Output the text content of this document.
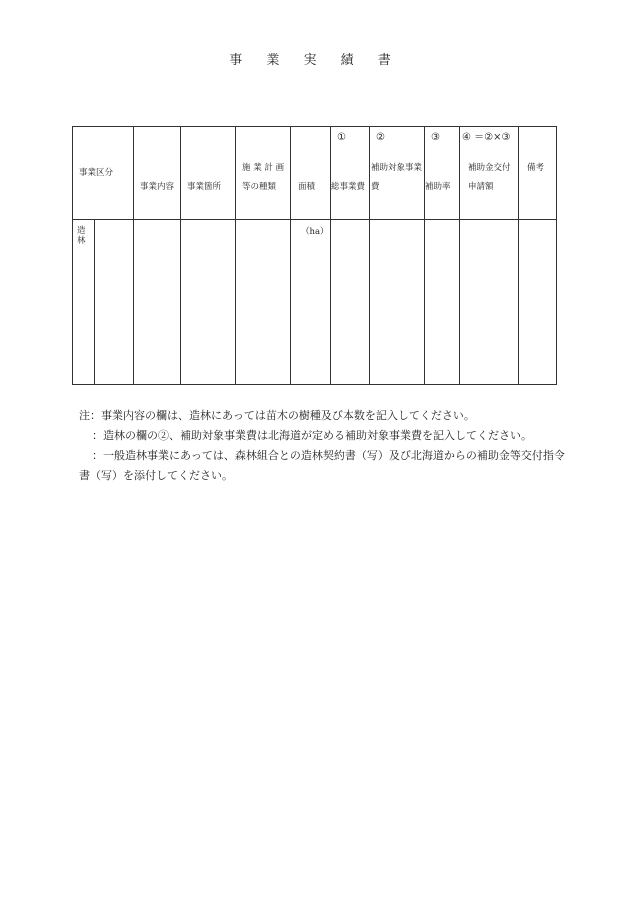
事 業 実 績 書
事業区分
事業内容 事業箇所
施 業 計 画
等の種類	面積
①
総事業費
②
補助対象事業
費
③
補助率
④ ＝②×③
補助金交付
申請額
備考
造
林
（ha）

注：事業内容の欄は、造林にあっては苗木の樹種及び本数を記入してください。

：造林の欄の②、補助対象事業費は北海道が定める補助対象事業費を記入してください。

：一般造林事業にあっては、森林組合との造林契約書（写）及び北海道からの補助金等交付指令

書（写）を添付してください。
